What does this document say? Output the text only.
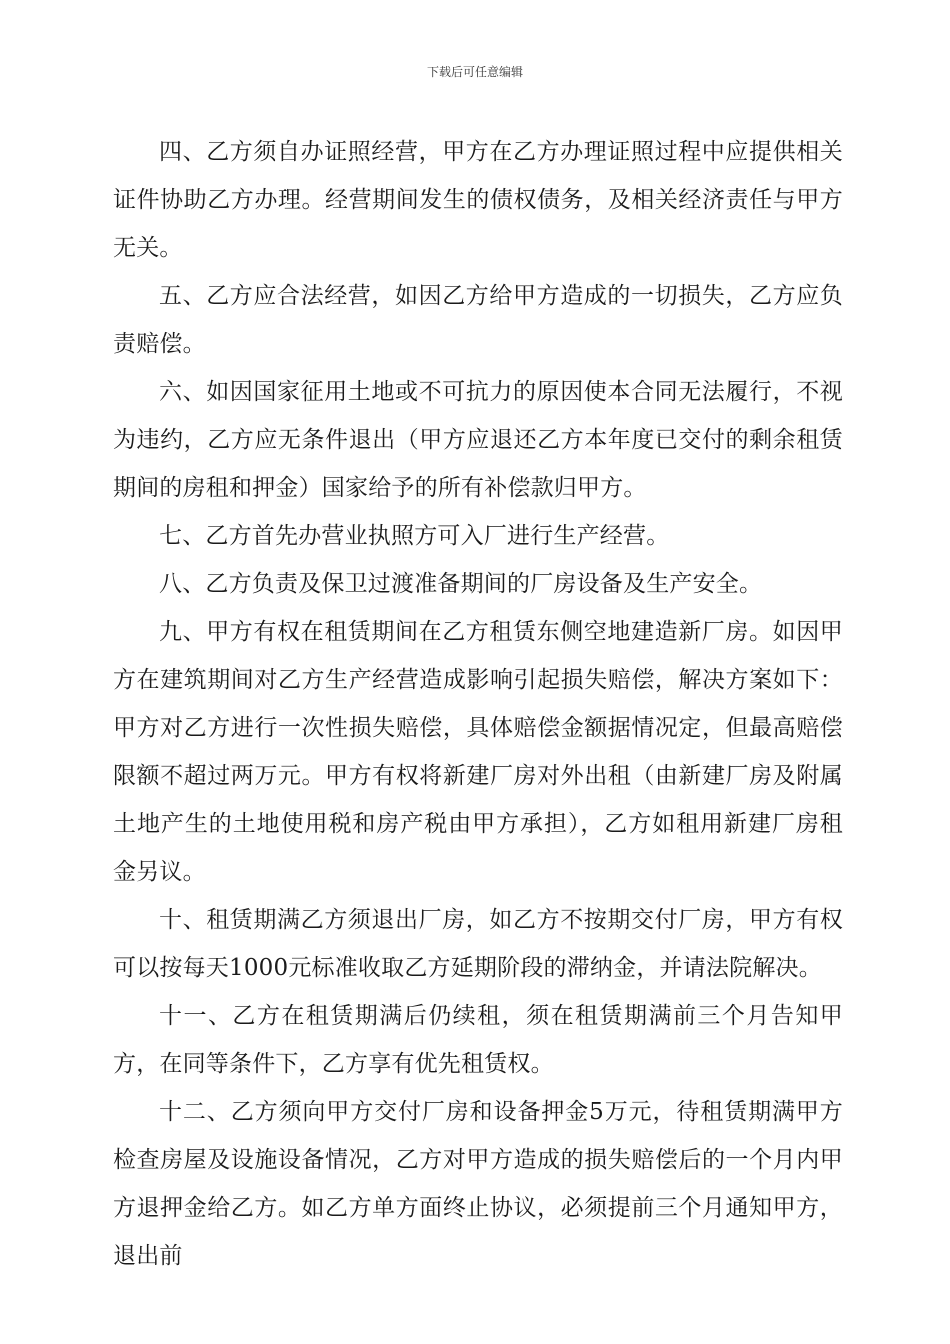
下载后可任意编辑

四、乙方须自办证照经营，甲方在乙方办理证照过程中应提供相关证件协助乙方办理。经营期间发生的债权债务，及相关经济责任与甲方无关。

五、乙方应合法经营，如因乙方给甲方造成的一切损失，乙方应负责赔偿。

六、如因国家征用土地或不可抗力的原因使本合同无法履行，不视为违约，乙方应无条件退出（甲方应退还乙方本年度已交付的剩余租赁期间的房租和押金）国家给予的所有补偿款归甲方。

七、乙方首先办营业执照方可入厂进行生产经营。

八、乙方负责及保卫过渡准备期间的厂房设备及生产安全。

九、甲方有权在租赁期间在乙方租赁东侧空地建造新厂房。如因甲方在建筑期间对乙方生产经营造成影响引起损失赔偿，解决方案如下：甲方对乙方进行一次性损失赔偿，具体赔偿金额据情况定，但最高赔偿限额不超过两万元。甲方有权将新建厂房对外出租（由新建厂房及附属土地产生的土地使用税和房产税由甲方承担），乙方如租用新建厂房租金另议。

十、租赁期满乙方须退出厂房，如乙方不按期交付厂房，甲方有权可以按每天1000元标准收取乙方延期阶段的滞纳金，并请法院解决。

十一、乙方在租赁期满后仍续租，须在租赁期满前三个月告知甲方，在同等条件下，乙方享有优先租赁权。

十二、乙方须向甲方交付厂房和设备押金5万元，待租赁期满甲方检查房屋及设施设备情况，乙方对甲方造成的损失赔偿后的一个月内甲方退押金给乙方。如乙方单方面终止协议，必须提前三个月通知甲方，退出前
